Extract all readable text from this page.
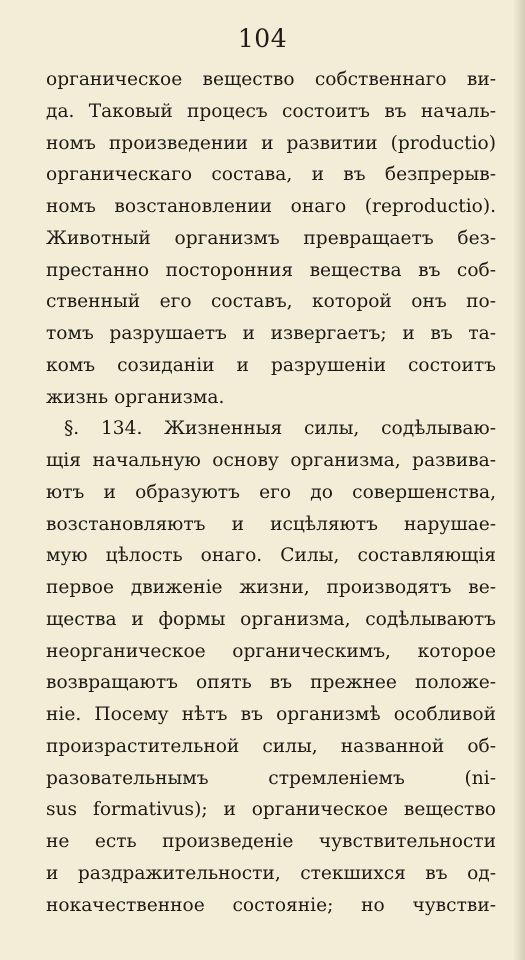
104
органическое вещество собственнаго ви-
да. Таковый процесъ состоитъ въ началь-
номъ произведении и развитии (productio)
органическаго состава, и въ безпрерыв-
номъ возстановлении онаго (reproductio).
Животный организмъ превращаетъ без-
престанно посторонния вещества въ соб-
ственный его составъ, которой онъ по-
томъ разрушаетъ и извергаетъ; и въ та-
комъ созиданіи и разрушеніи состоитъ
жизнь организма.
§. 134. Жизненныя силы, содѣлываю-
щія начальную основу организма, развива-
ютъ и образуютъ его до совершенства,
возстановляютъ и исцѣляютъ нарушае-
мую цѣлость онаго. Силы, составляющія
первое движеніе жизни, производятъ ве-
щества и формы организма, содѣлываютъ
неорганическое органическимъ, которое
возвращаютъ опять въ прежнее положе-
ніе. Посему нѣтъ въ организмѣ особливой
произрастительной силы, названной об-
разовательнымъ стремленіемъ (ni-
sus formativus); и органическое вещество
не есть произведеніе чувствительности
и раздражительности, стекшихся въ од-
нокачественное состояніе; но чувстви-
